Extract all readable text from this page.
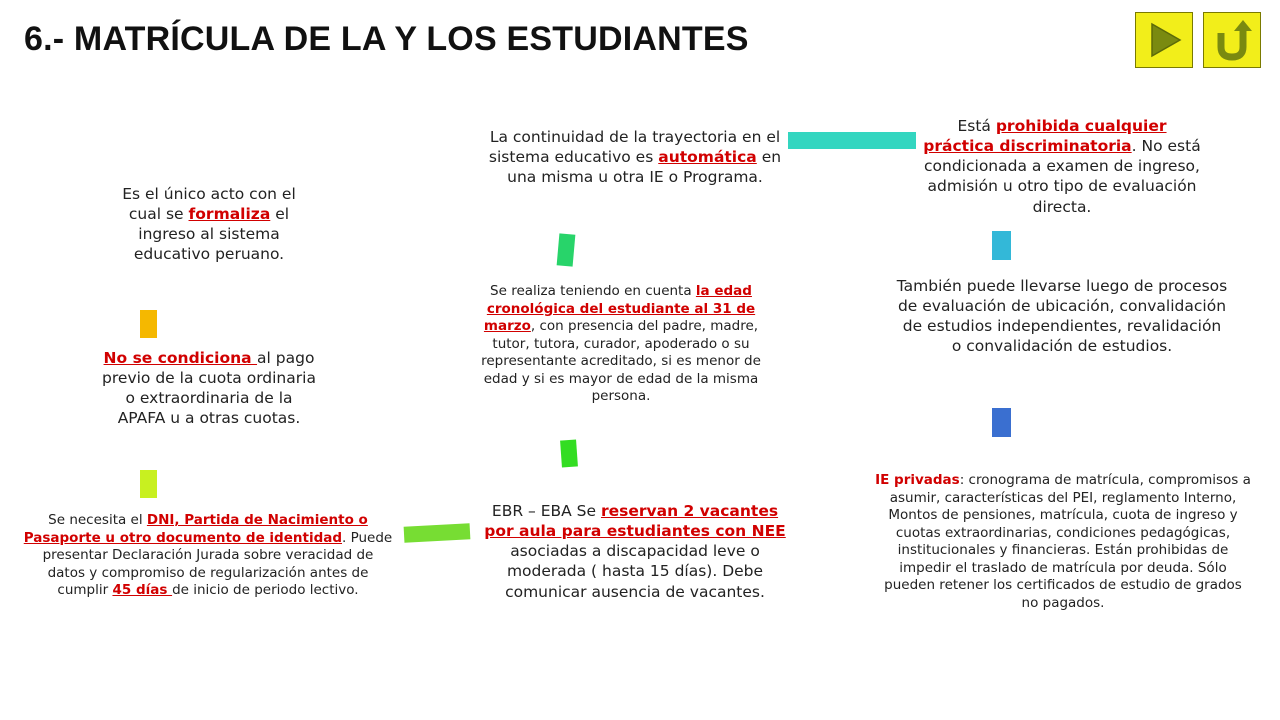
6.- MATRÍCULA DE LA Y LOS ESTUDIANTES
Es el único acto con el cual se formaliza el ingreso al sistema educativo peruano.
No se condiciona al pago previo de la cuota ordinaria o extraordinaria de la APAFA u a otras cuotas.
Se necesita el DNI, Partida de Nacimiento o Pasaporte u otro documento de identidad. Puede presentar Declaración Jurada sobre veracidad de datos y compromiso de regularización antes de cumplir 45 días de inicio de periodo lectivo.
La continuidad de la trayectoria en el sistema educativo es automática en una misma u otra IE o Programa.
Se realiza teniendo en cuenta la edad cronológica del estudiante al 31 de marzo, con presencia del padre, madre, tutor, tutora, curador, apoderado o su representante acreditado, si es menor de edad y si es mayor de edad de la misma persona.
EBR – EBA Se reservan 2 vacantes por aula para estudiantes con NEE asociadas a discapacidad leve o moderada ( hasta 15 días). Debe comunicar ausencia de vacantes.
Está prohibida cualquier práctica discriminatoria. No está condicionada a examen de ingreso, admisión u otro tipo de evaluación directa.
También puede llevarse luego de procesos de evaluación de ubicación, convalidación de estudios independientes, revalidación o convalidación de estudios.
IE privadas: cronograma de matrícula, compromisos a asumir, características del PEI, reglamento Interno, Montos de pensiones, matrícula, cuota de ingreso y cuotas extraordinarias, condiciones pedagógicas, institucionales y financieras. Están prohibidas de impedir el traslado de matrícula por deuda. Sólo pueden retener los certificados de estudio de grados no pagados.
